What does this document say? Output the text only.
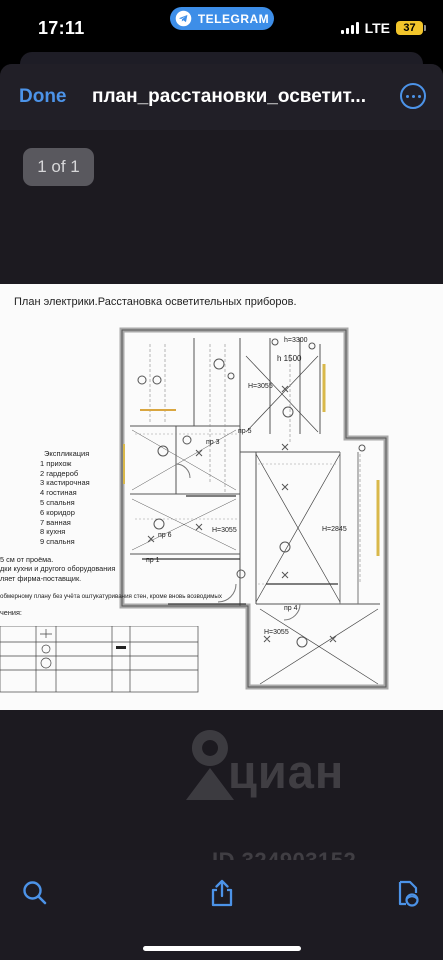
17:11	TELEGRAM
LTE 37
Done план_расстановки_осветит...
1 of 1
План электрики.Расстановка осветительных приборов.
пр 1
пр 3
пр 4
пр 5
пр 6
h=3300
h 1500
H=3055
H=3055
H=3055
H=2845
Экспликация
1 прихож
2 гардероб
3 кастирочная
4 гостиная
5 спальня
6 коридор
7 ванная
8 кухня
9 спальня
5 см от проёма.
дки кухни и другого оборудования
ляет фирма-поставщик.
обмерному плану без учёта оштукатуривания стен, кроме вновь возводимых
чения:
циан
